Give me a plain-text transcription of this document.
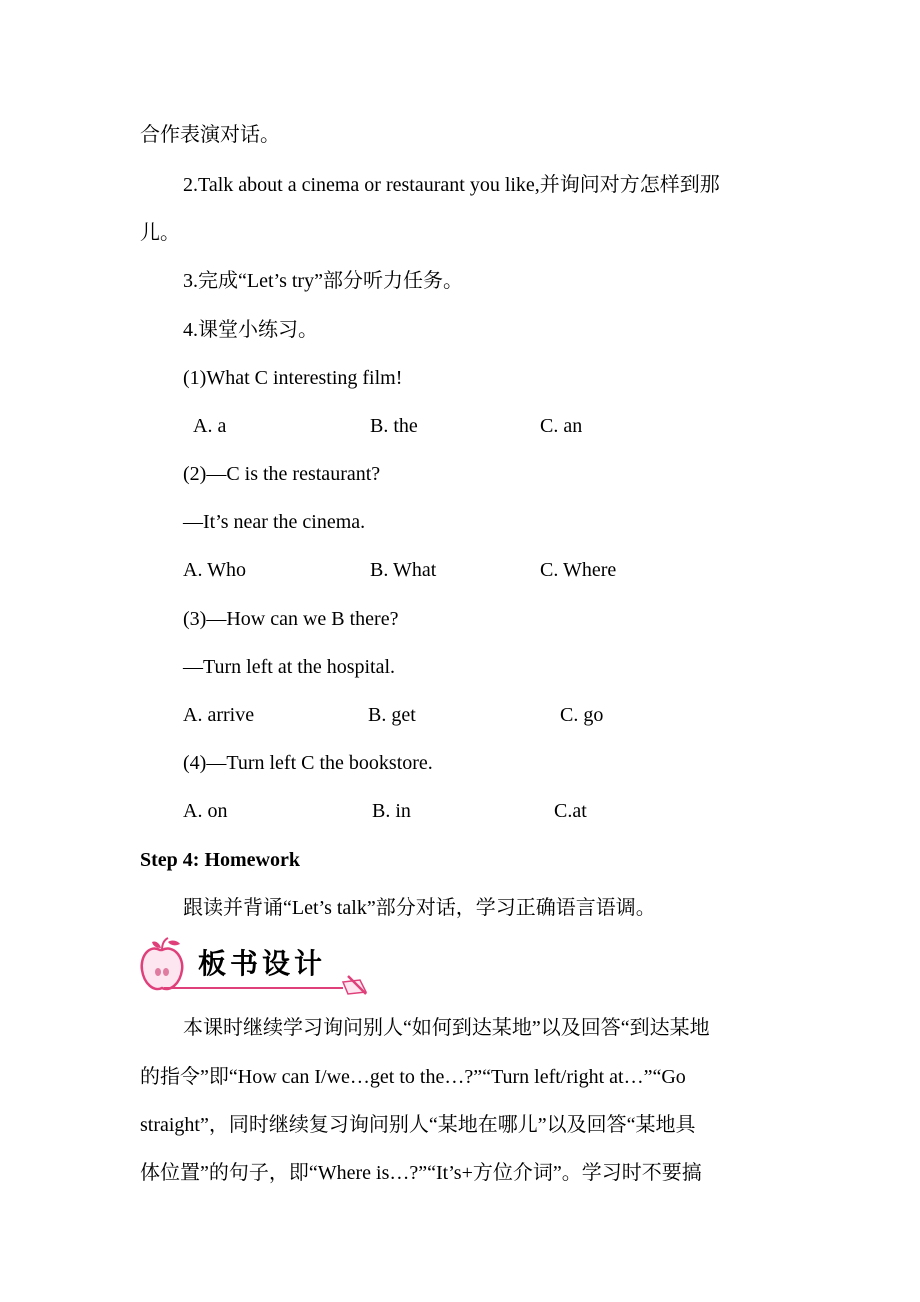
合作表演对话。
2.Talk about a cinema or restaurant you like,并询问对方怎样到那
儿。
3.完成“Let’s try”部分听力任务。
4.课堂小练习。
(1)What C interesting film!
A. a	B. the	C. an
(2)—C is the restaurant?
—It’s near the cinema.
A. Who	B. What	C. Where
(3)—How can we B there?
—Turn left at the hospital.
A. arrive	B. get	C. go
(4)—Turn left C the bookstore.
A. on	B. in	C.at
Step 4: Homework
跟读并背诵“Let’s talk”部分对话，学习正确语言语调。
板书设计
本课时继续学习询问别人“如何到达某地”以及回答“到达某地
的指令”即“How can I/we…get to the…?”“Turn left/right at…”“Go
straight”，同时继续复习询问别人“某地在哪儿”以及回答“某地具
体位置”的句子，即“Where is…?”“It’s+方位介词”。学习时不要搞
